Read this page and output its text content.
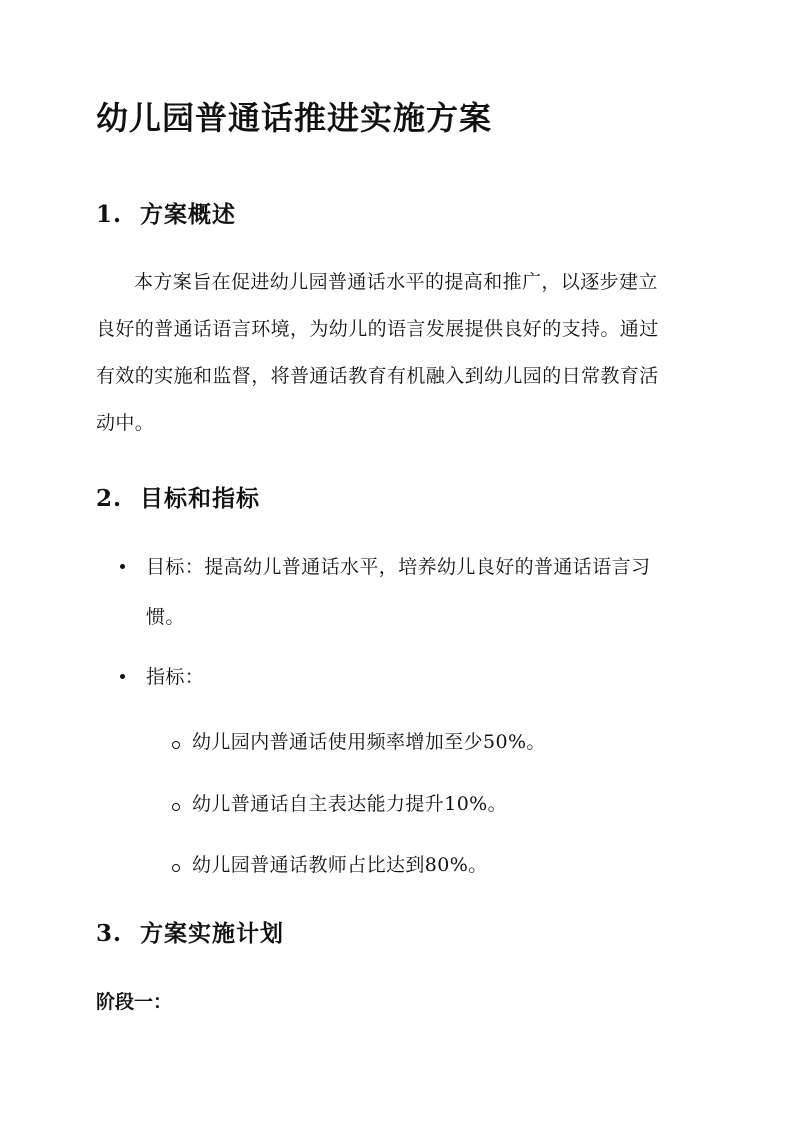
幼儿园普通话推进实施方案
1. 方案概述
本方案旨在促进幼儿园普通话水平的提高和推广，以逐步建立
良好的普通话语言环境，为幼儿的语言发展提供良好的支持。通过
有效的实施和监督，将普通话教育有机融入到幼儿园的日常教育活
动中。
2. 目标和指标
目标：提高幼儿普通话水平，培养幼儿良好的普通话语言习
惯。
指标：
幼儿园内普通话使用频率增加至少50%。
幼儿普通话自主表达能力提升10%。
幼儿园普通话教师占比达到80%。
3. 方案实施计划
阶段一：
